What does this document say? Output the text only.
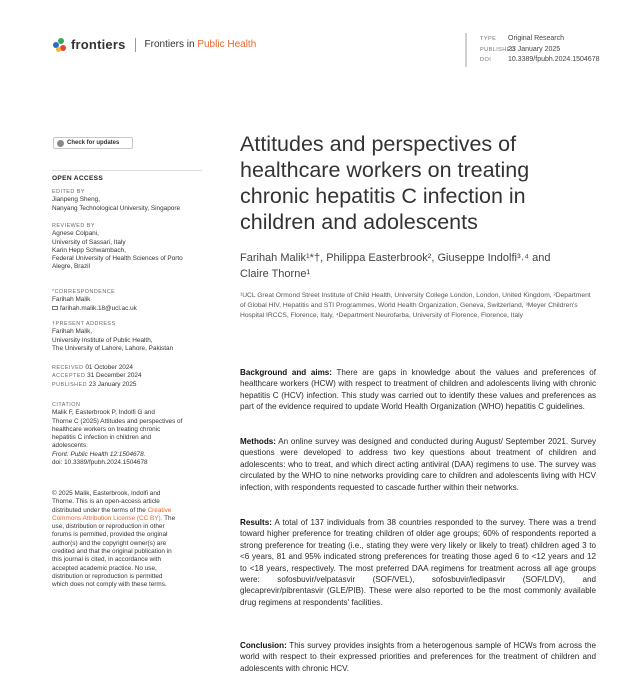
frontiers Frontiers in Public Health	TYPE Original Research
PUBLISHED23 January 2025
DOI 10.3389/fpubh.2024.1504678
Check for updates
OPEN ACCESS
EDITED BY
Jianpeng Sheng,
Nanyang Technological University, Singapore
REVIEWED BY
Agnese Colpani,
University of Sassari, Italy
Karin Hepp Schwambach,
Federal University of Health Sciences of Porto
Alegre, Brazil
*CORRESPONDENCE
Farihah Malik
farihah.malik.18@ucl.ac.uk
†PRESENT ADDRESS
Farihah Malik,
University Institute of Public Health,
The University of Lahore, Lahore, Pakistan
RECEIVED 01 October 2024
ACCEPTED 31 December 2024
PUBLISHED 23 January 2025
CITATION
Malik F, Easterbrook P, Indolfi G and
Thorne C (2025) Attitudes and perspectives of
healthcare workers on treating chronic
hepatitis C infection in children and
adolescents.
Front. Public Health 12:1504678.
doi: 10.3389/fpubh.2024.1504678
© 2025 Malik, Easterbrook, Indolfi and
Thorne. This is an open-access article
distributed under the terms of the Creative
Commons Attribution License (CC BY). The
use, distribution or reproduction in other
forums is permitted, provided the original
author(s) and the copyright owner(s) are
credited and that the original publication in
this journal is cited, in accordance with
accepted academic practice. No use,
distribution or reproduction is permitted
which does not comply with these terms.
Attitudes and perspectives of healthcare workers on treating chronic hepatitis C infection in children and adolescents
Farihah Malik¹*†, Philippa Easterbrook², Giuseppe Indolfi³˒⁴ and
Claire Thorne¹
¹UCL Great Ormond Street Institute of Child Health, University College London, London, United Kingdom, ²Department of Global HIV, Hepatitis and STI Programmes, World Health Organization, Geneva, Switzerland, ³Meyer Children's Hospital IRCCS, Florence, Italy, ⁴Department Neurofarba, University of Florence, Florence, Italy
Background and aims: There are gaps in knowledge about the values and preferences of healthcare workers (HCW) with respect to treatment of children and adolescents living with chronic hepatitis C (HCV) infection. This study was carried out to identify these values and preferences as part of the evidence required to update World Health Organization (WHO) hepatitis C guidelines.
Methods: An online survey was designed and conducted during August/ September 2021. Survey questions were developed to address two key questions about treatment of children and adolescents: who to treat, and which direct acting antiviral (DAA) regimens to use. The survey was circulated by the WHO to nine networks providing care to children and adolescents living with HCV infection, with respondents requested to cascade further within their networks.
Results: A total of 137 individuals from 38 countries responded to the survey. There was a trend toward higher preference for treating children of older age groups; 60% of respondents reported a strong preference for treating (i.e., stating they were very likely or likely to treat) children aged 3 to <6 years, 81 and 95% indicated strong preferences for treating those aged 6 to <12 years and 12 to <18 years, respectively. The most preferred DAA regimens for treatment across all age groups were: sofosbuvir/velpatasvir (SOF/VEL), sofosbuvir/ledipasvir (SOF/LDV), and glecaprevir/pibrentasvir (GLE/PIB). These were also reported to be the most commonly available drug regimens at respondents' facilities.
Conclusion: This survey provides insights from a heterogenous sample of HCWs from across the world with respect to their expressed priorities and preferences for the treatment of children and adolescents with chronic HCV.
